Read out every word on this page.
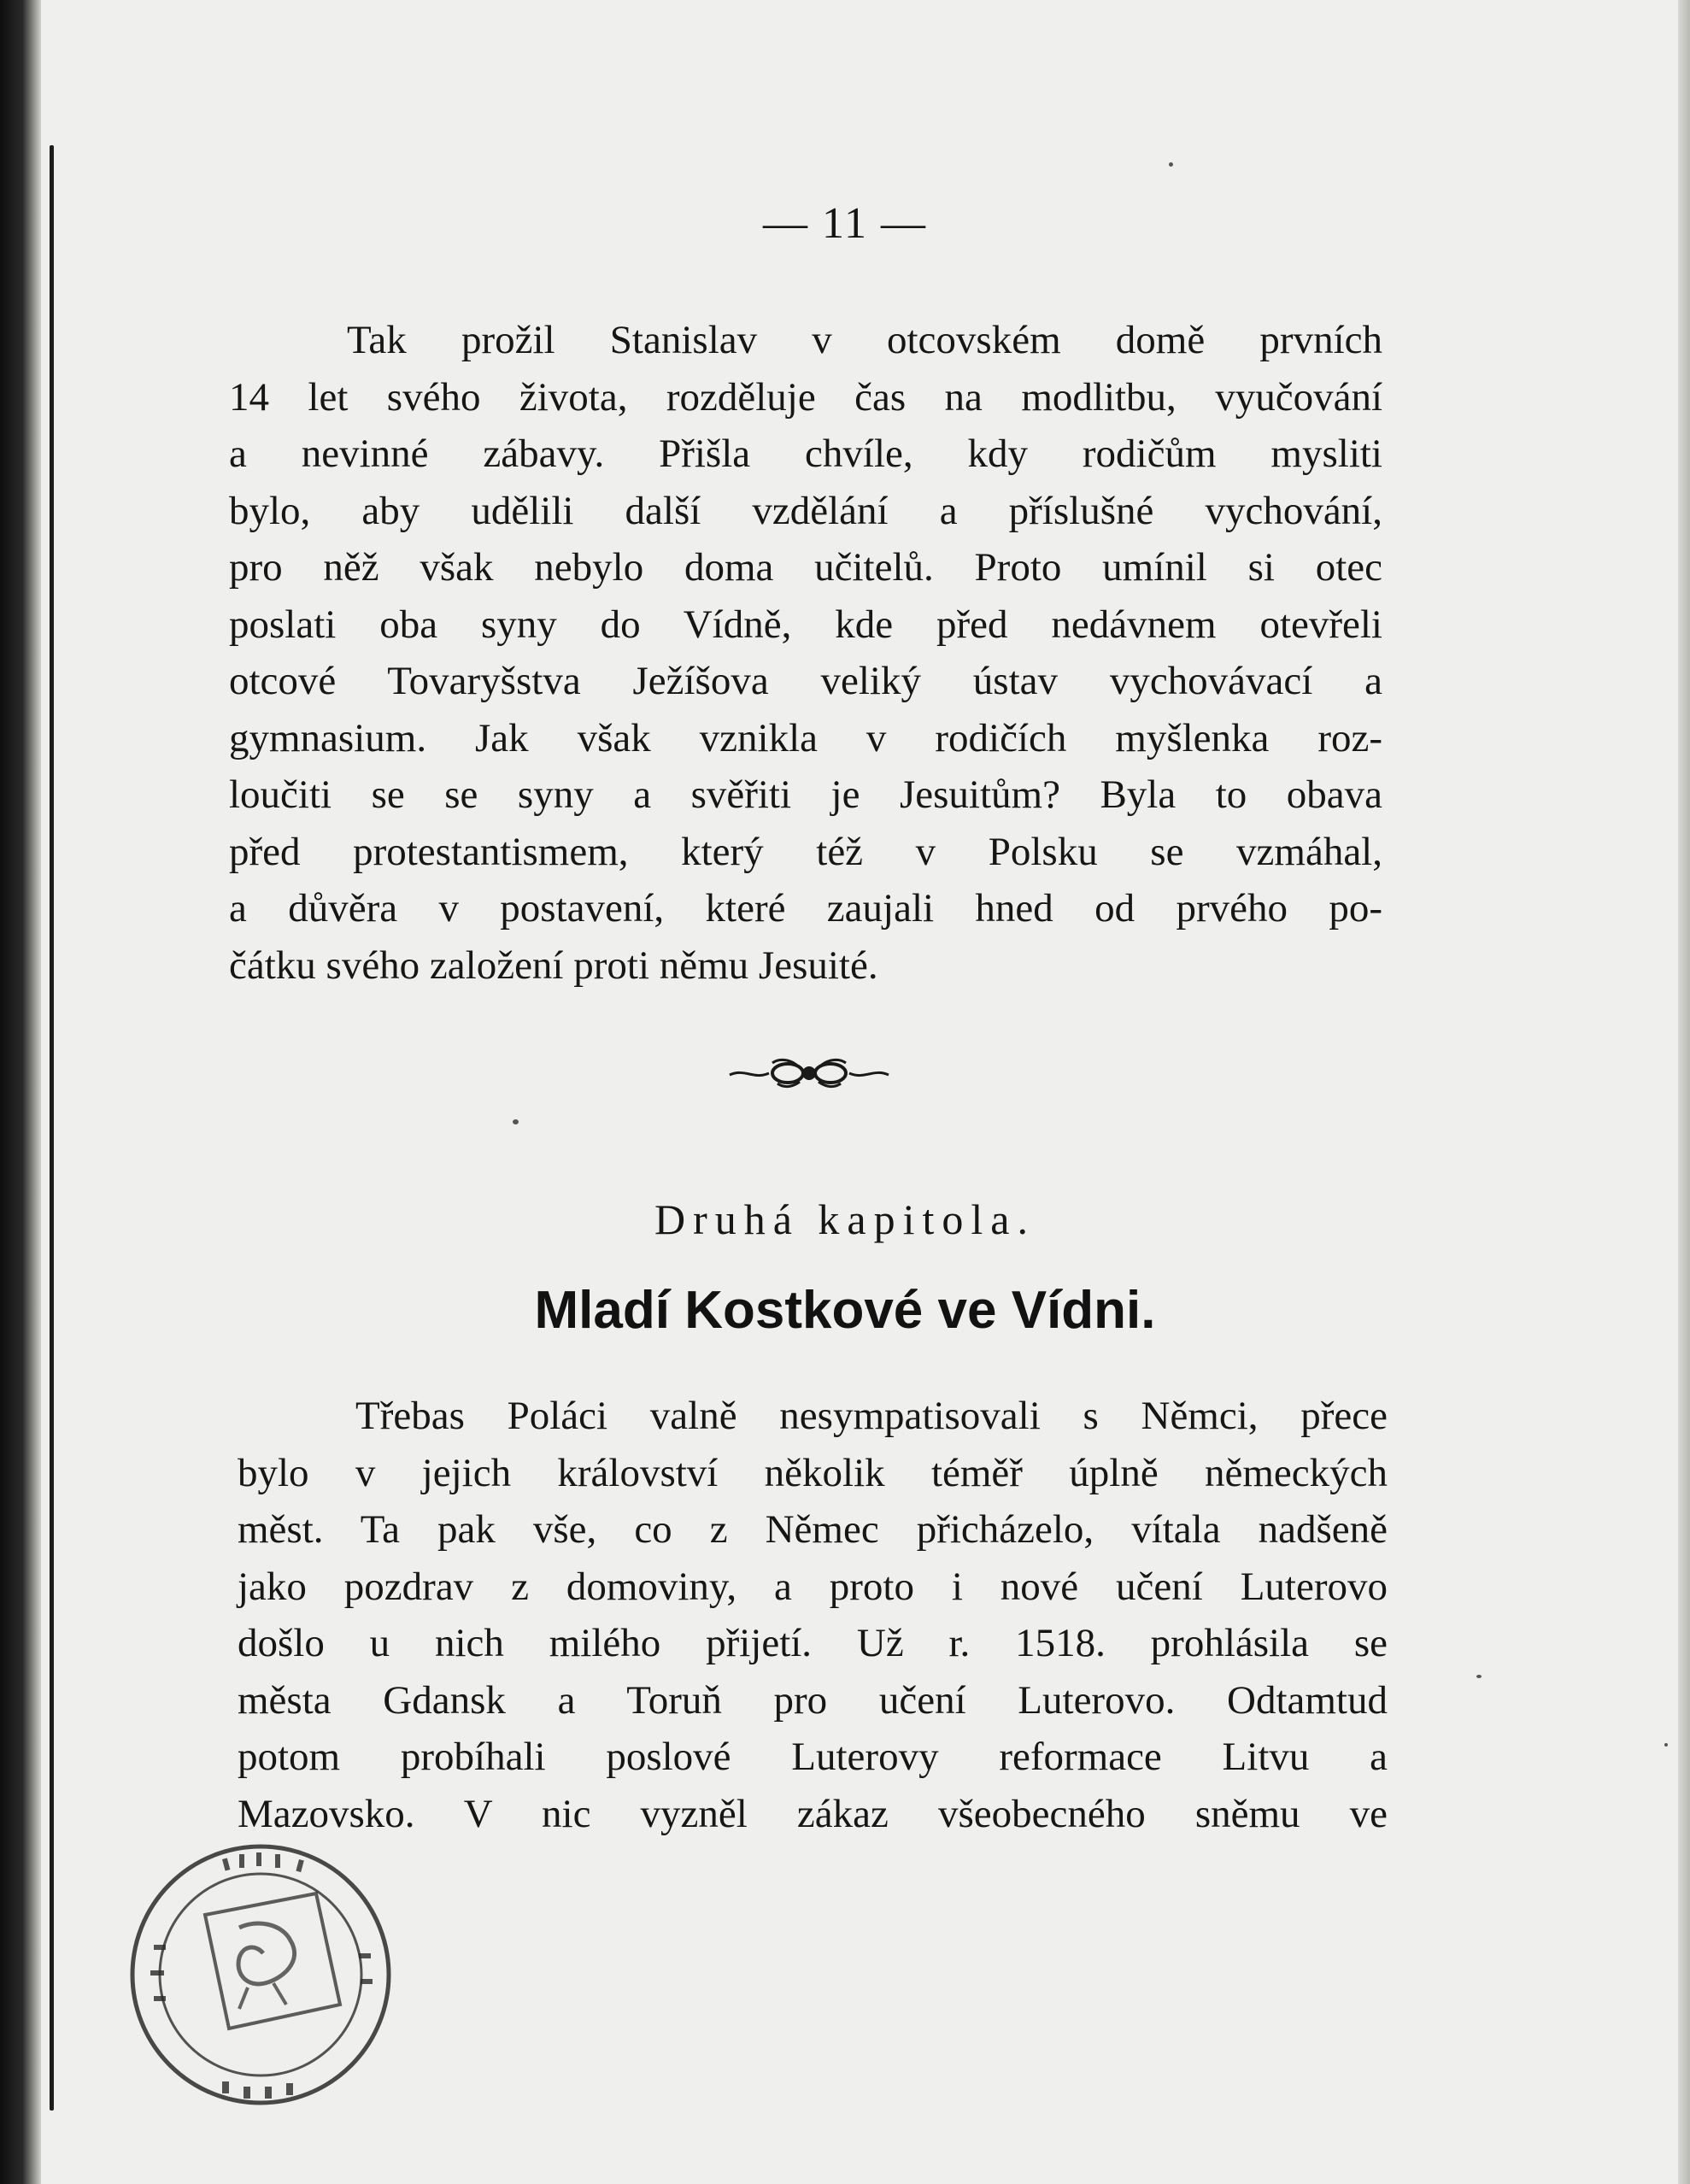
— 11 —
Tak prožil Stanislav v otcovském domě prvních
14 let svého života, rozděluje čas na modlitbu, vyučování
a nevinné zábavy. Přišla chvíle, kdy rodičům mysliti
bylo, aby udělili další vzdělání a příslušné vychování,
pro něž však nebylo doma učitelů. Proto umínil si otec
poslati oba syny do Vídně, kde před nedávnem otevřeli
otcové Tovaryšstva Ježíšova veliký ústav vychovávací a
gymnasium. Jak však vznikla v rodičích myšlenka roz-
loučiti se se syny a svěřiti je Jesuitům? Byla to obava
před protestantismem, který též v Polsku se vzmáhal,
a důvěra v postavení, které zaujali hned od prvého po-
čátku svého založení proti němu Jesuité.
Druhá kapitola.
Mladí Kostkové ve Vídni.
Třebas Poláci valně nesympatisovali s Němci, přece
bylo v jejich království několik téměř úplně německých
měst. Ta pak vše, co z Němec přicházelo, vítala nadšeně
jako pozdrav z domoviny, a proto i nové učení Luterovo
došlo u nich milého přijetí. Už r. 1518. prohlásila se
města Gdansk a Toruň pro učení Luterovo. Odtamtud
potom probíhali poslové Luterovy reformace Litvu a
Mazovsko. V nic vyzněl zákaz všeobecného sněmu ve
